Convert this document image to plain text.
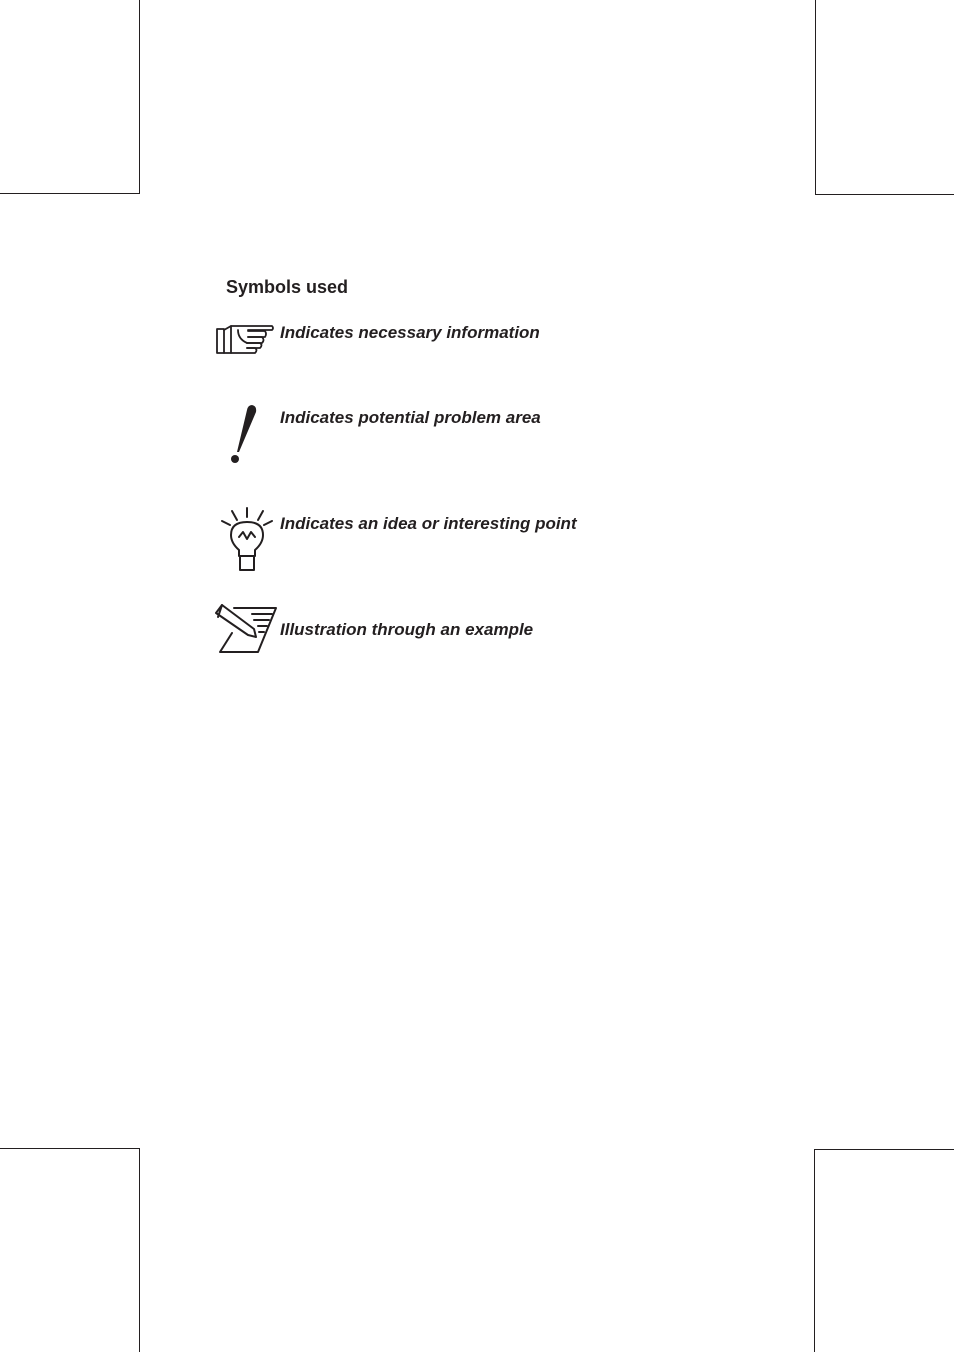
Symbols used
Indicates necessary information
Indicates potential problem area
Indicates an idea or interesting point
Illustration through an example
